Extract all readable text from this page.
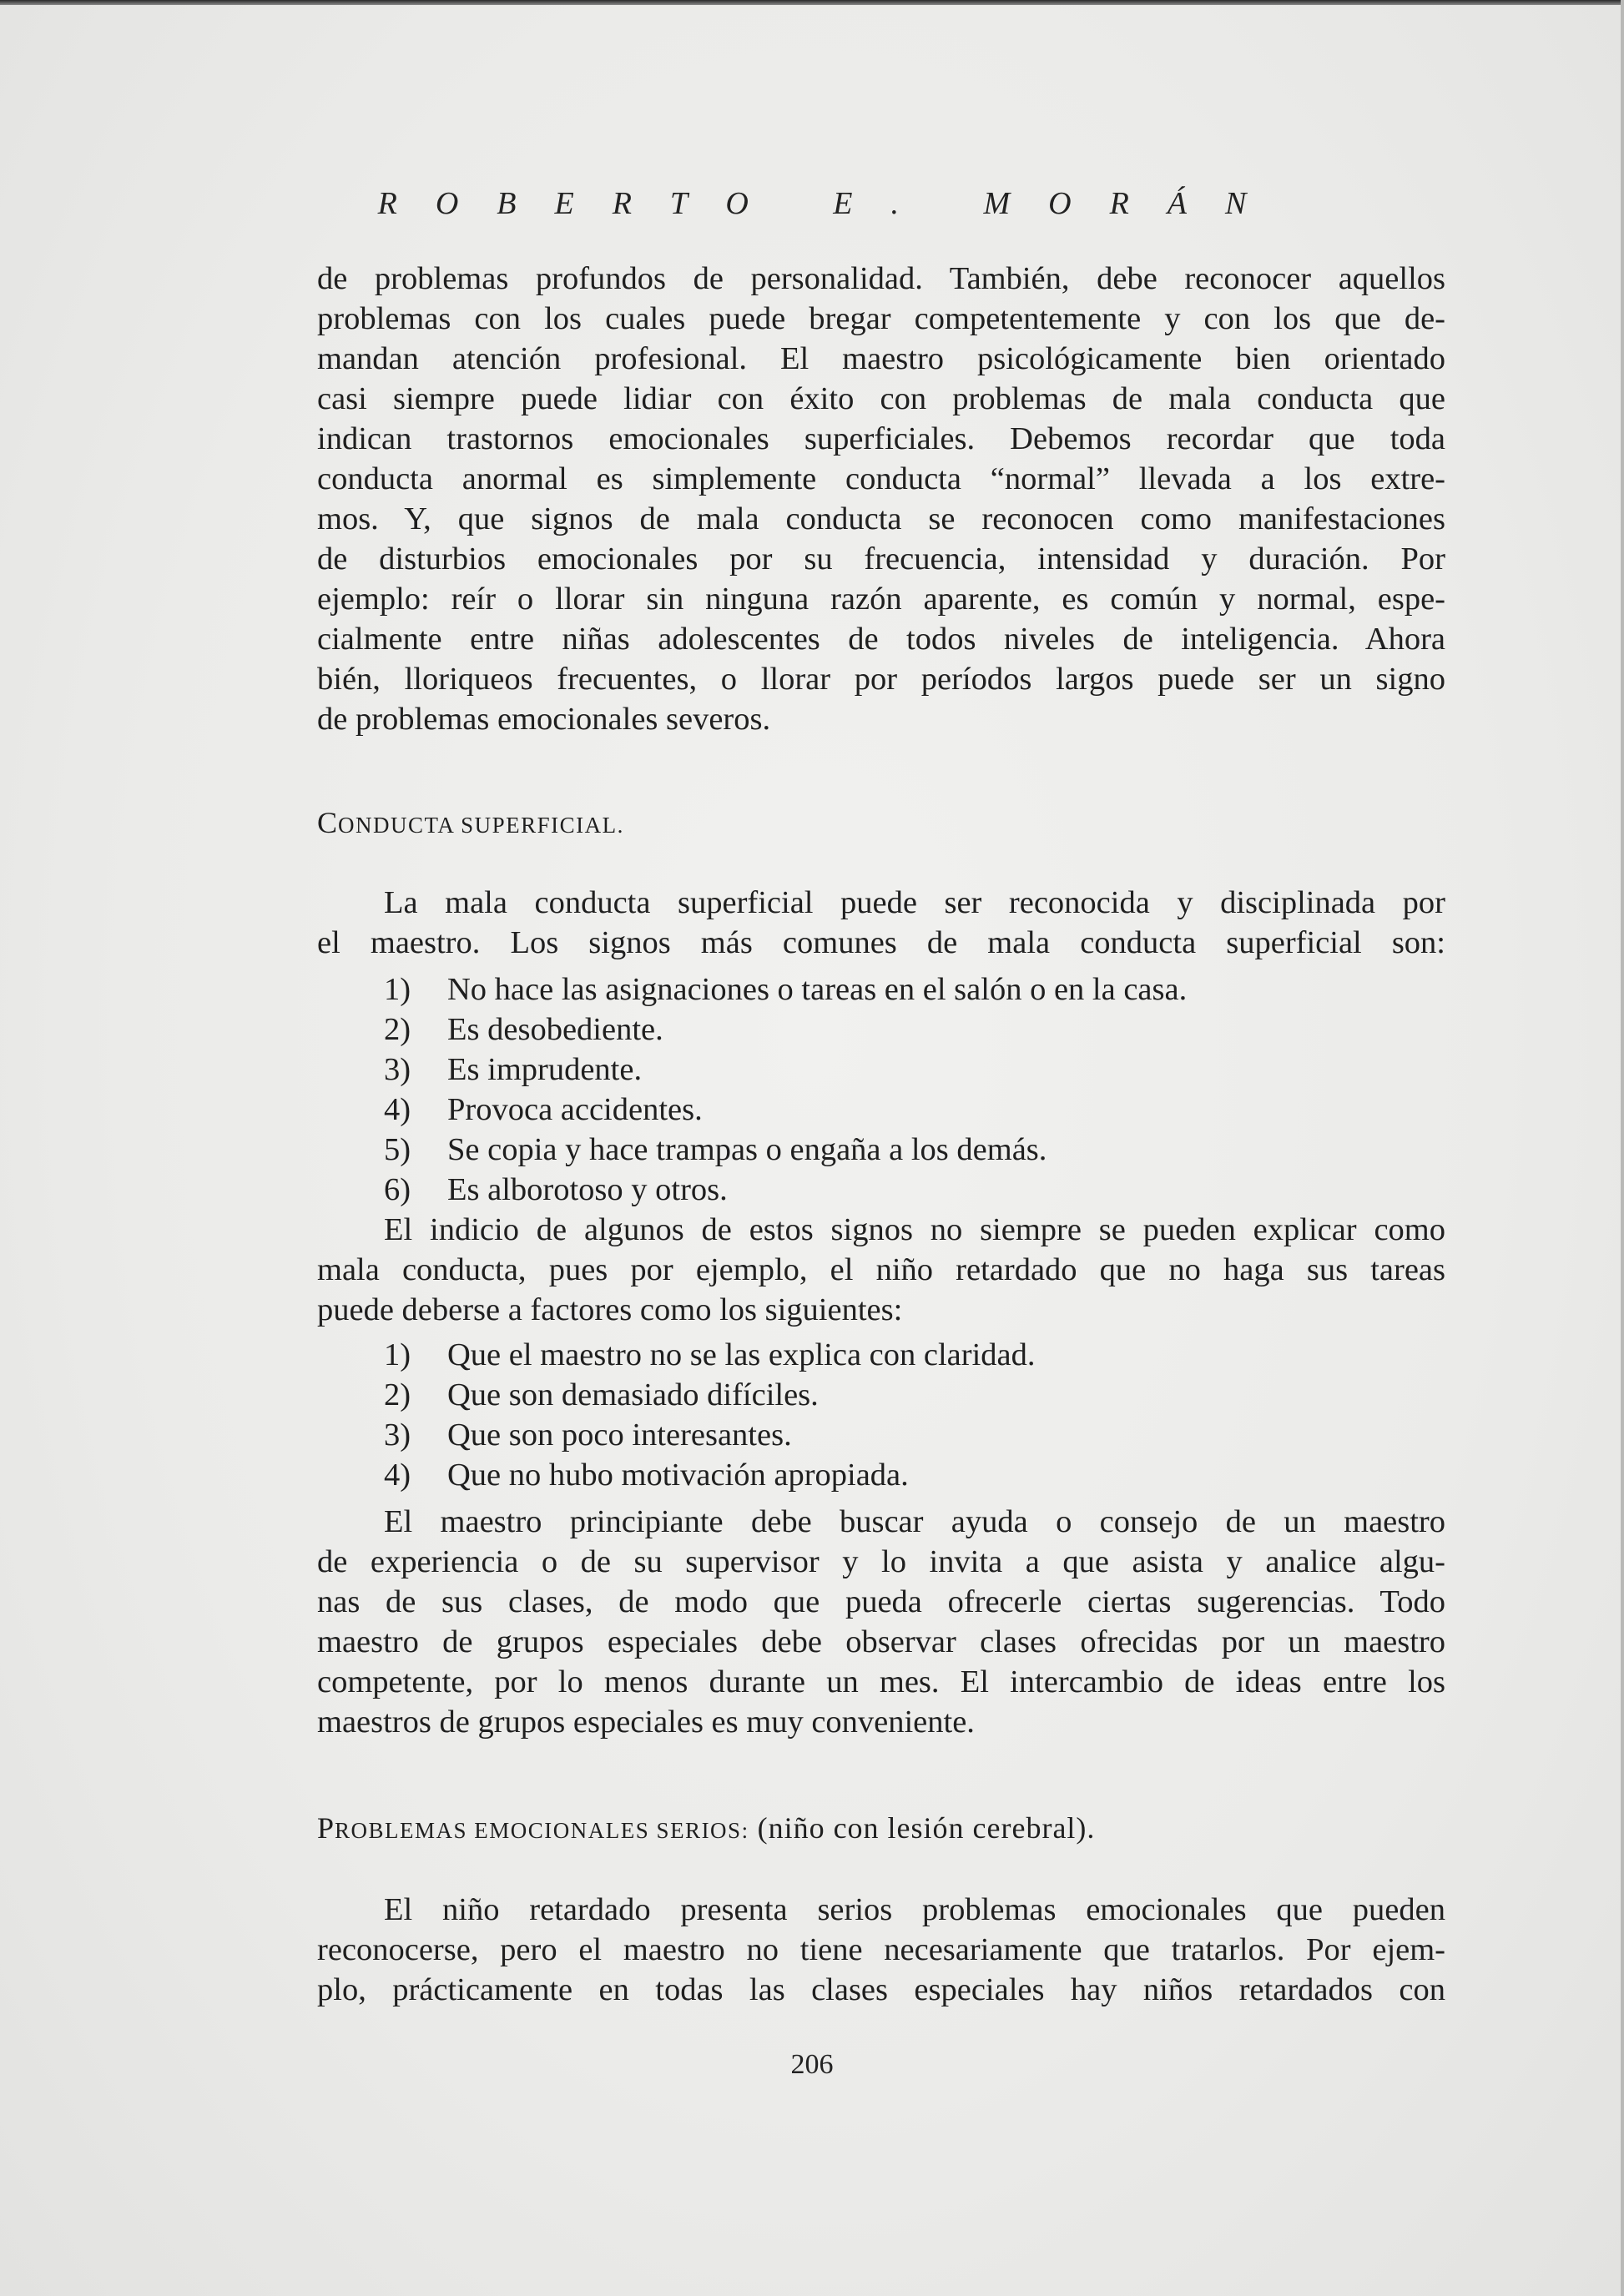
ROBERTO E. MORÁN
de problemas profundos de personalidad. También, debe reconocer aquellos
problemas con los cuales puede bregar competentemente y con los que de-
mandan atención profesional. El maestro psicológicamente bien orientado
casi siempre puede lidiar con éxito con problemas de mala conducta que
indican trastornos emocionales superficiales. Debemos recordar que toda
conducta anormal es simplemente conducta “normal” llevada a los extre-
mos. Y, que signos de mala conducta se reconocen como manifestaciones
de disturbios emocionales por su frecuencia, intensidad y duración. Por
ejemplo: reír o llorar sin ninguna razón aparente, es común y normal, espe-
cialmente entre niñas adolescentes de todos niveles de inteligencia. Ahora
bién, lloriqueos frecuentes, o llorar por períodos largos puede ser un signo
de problemas emocionales severos.
CONDUCTA SUPERFICIAL.
La mala conducta superficial puede ser reconocida y disciplinada por
el maestro. Los signos más comunes de mala conducta superficial son:
1) No hace las asignaciones o tareas en el salón o en la casa.
2) Es desobediente.
3) Es imprudente.
4) Provoca accidentes.
5) Se copia y hace trampas o engaña a los demás.
6) Es alborotoso y otros.
El indicio de algunos de estos signos no siempre se pueden explicar como
mala conducta, pues por ejemplo, el niño retardado que no haga sus tareas
puede deberse a factores como los siguientes:
1) Que el maestro no se las explica con claridad.
2) Que son demasiado difíciles.
3) Que son poco interesantes.
4) Que no hubo motivación apropiada.
El maestro principiante debe buscar ayuda o consejo de un maestro
de experiencia o de su supervisor y lo invita a que asista y analice algu-
nas de sus clases, de modo que pueda ofrecerle ciertas sugerencias. Todo
maestro de grupos especiales debe observar clases ofrecidas por un maestro
competente, por lo menos durante un mes. El intercambio de ideas entre los
maestros de grupos especiales es muy conveniente.
PROBLEMAS EMOCIONALES SERIOS: (niño con lesión cerebral).
El niño retardado presenta serios problemas emocionales que pueden
reconocerse, pero el maestro no tiene necesariamente que tratarlos. Por ejem-
plo, prácticamente en todas las clases especiales hay niños retardados con
206
